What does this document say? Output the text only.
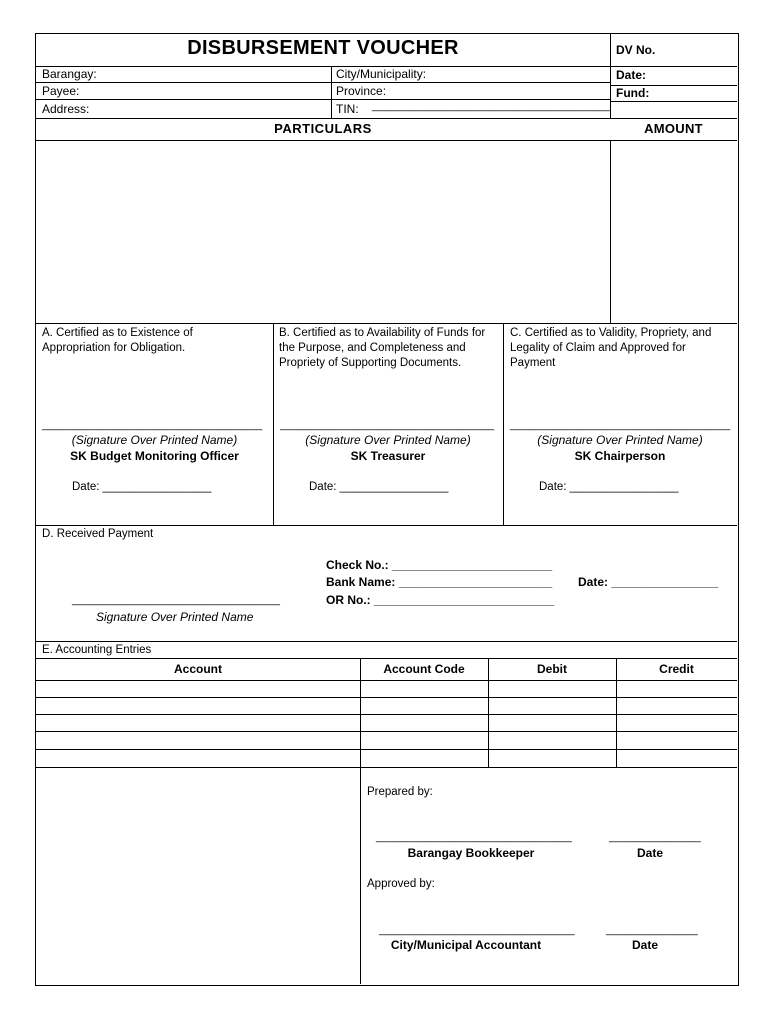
DISBURSEMENT VOUCHER	DV No.
Date:
Fund:
Barangay:
Payee:
Address:
City/Municipality:
Province:
TIN: _______________________________________
PARTICULARS	AMOUNT
A. Certified as to Existence of Appropriation for Obligation.
____________________________________
(Signature Over Printed Name)
SK Budget Monitoring Officer
Date: _________________
B. Certified as to Availability of Funds for the Purpose, and Completeness and Propriety of Supporting Documents.
___________________________________
(Signature Over Printed Name)
SK Treasurer
Date: _________________
C. Certified as to Validity, Propriety, and Legality of Claim and Approved for Payment
____________________________________
(Signature Over Printed Name)
SK Chairperson
Date: _________________
D. Received Payment
Check No.: ________________________
Bank Name: _______________________
OR No.: ___________________________
Date: ________________
__________________________________
Signature Over Printed Name
E. Accounting Entries
Account	Account Code	Debit	Credit
Prepared by:
________________________________	_______________
Barangay Bookkeeper	Date
Approved by:
________________________________	_______________
City/Municipal Accountant	Date
